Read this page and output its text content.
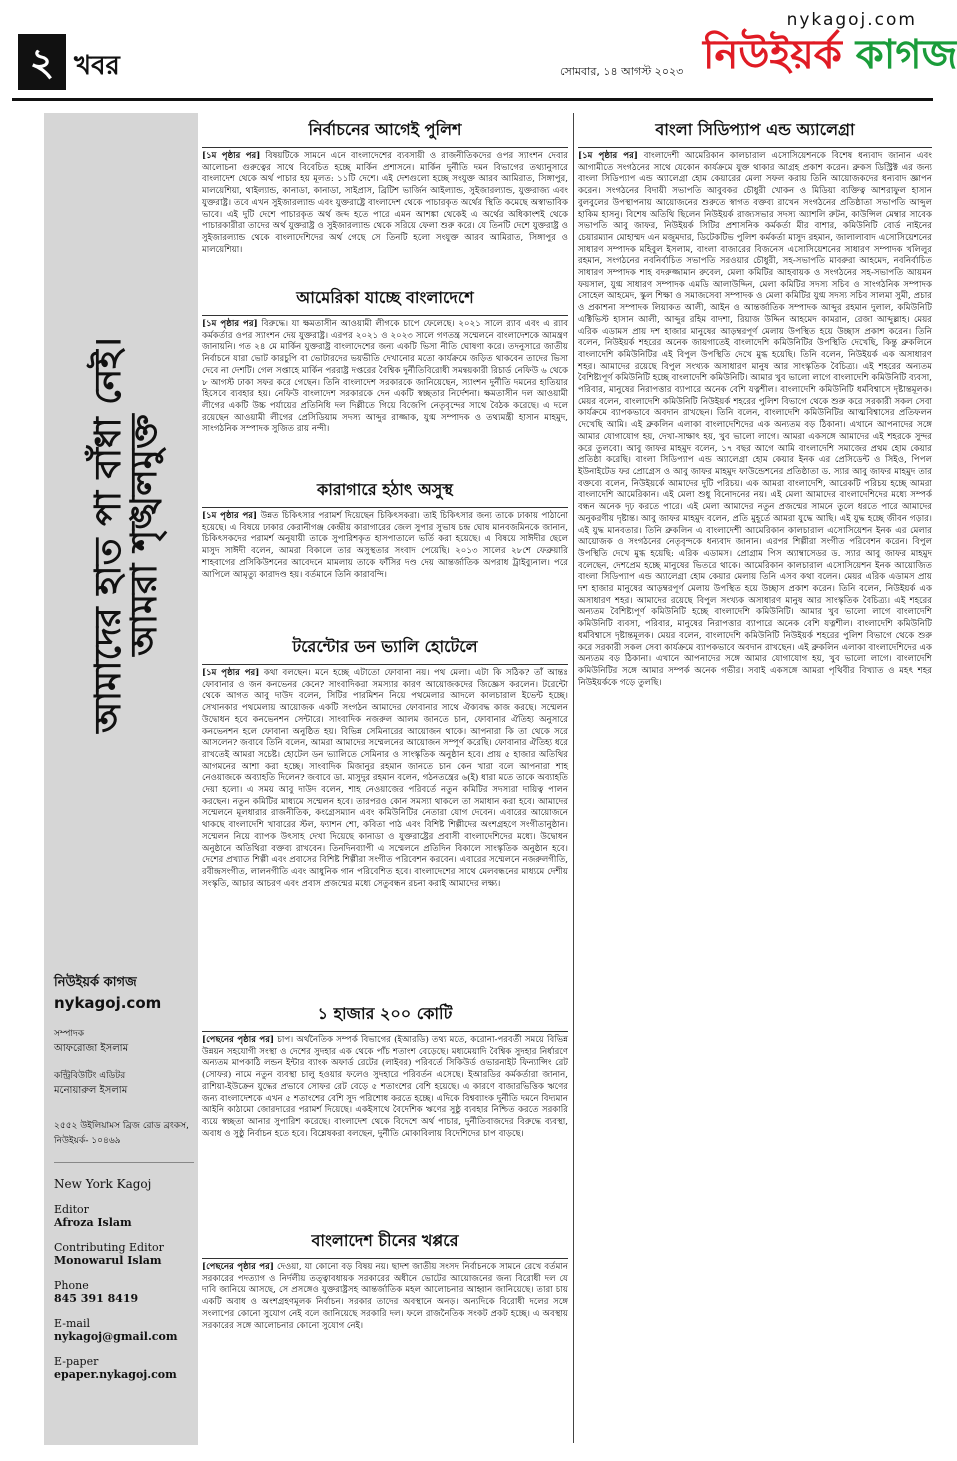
২ খবর	সোমবার, ১৪ আগস্ট ২০২৩
nykagoj.com
নিউইয়র্ক কাগজ
আমাদের হাত পা বাঁধা নেই।
আমরা শৃঙ্খলমুক্ত
নিউইয়র্ক কাগজ
nykagoj.com
সম্পাদক
আফরোজা ইসলাম
কন্ট্রিবিউটিং এডিটর
মনোয়ারুল ইসলাম
২৫৫২ উইলিয়ামস ব্রিজ রোড ব্রংকস, নিউইয়র্ক- ১০৪৬৯
New York Kagoj
Editor
Afroza Islam
Contributing Editor
Monowarul Islam
Phone
845 391 8419
E-mail
nykagoj@gmail.com
E-paper
epaper.nykagoj.com
নির্বাচনের আগেই পুলিশ
[১ম পৃষ্ঠার পর] বিষয়টিকে সামনে এনে বাংলাদেশের ব্যবসায়ী ও রাজনীতিকদের ওপর স্যাংশন দেবার আলোচনা গুরুত্বের সাথে বিবেচিত হচ্ছে মার্কিন প্রশাসনে। মার্কিন দুর্নীতি দমন বিভাগের তথ্যানুসারে বাংলাদেশ থেকে অর্থ পাচার হয় মূলত: ১১টি দেশে। এই দেশগুলো হচ্ছে সংযুক্ত আরব আমিরাত, সিঙ্গাপুর, মালয়েশিয়া, থাইল্যান্ড, কানাডা, কানাডা, সাইপ্রাস, ব্রিটিশ ভার্জিন আইল্যান্ড, সুইজারল্যান্ড, যুক্তরাজ্য এবং যুক্তরাষ্ট্র। তবে এখন সুইজারল্যান্ড এবং যুক্তরাষ্ট্রে বাংলাদেশ থেকে পাচারকৃত অর্থের স্থিতি কমেছে অস্বাভাবিক ভাবে। এই দুটি দেশে পাচারকৃত অর্থ জব্দ হতে পারে এমন আশঙ্কা থেকেই এ অর্থের অধিকাংশই থেকে পাচারকারীরা তাদের অর্থ যুক্তরাষ্ট্র ও সুইজারল্যান্ড থেকে সরিয়ে ফেলা শুরু করে। যে তিনটি দেশে যুক্তরাষ্ট্র ও সুইজারল্যান্ড থেকে বাংলাদেশিদের অর্থ গেছে সে তিনটি হলো সংযুক্ত আরব আমিরাত, সিঙ্গাপুর ও মালয়েশিয়া।
আমেরিকা যাচ্ছে বাংলাদেশে
[১ম পৃষ্ঠার পর] বিরুদ্ধে। যা ক্ষমতাসীন আওয়ামী লীগকে চাপে ফেলেছে। ২০২১ সালে র‌্যাব এবং এ র‌্যাব কর্মকর্তার ওপর স্যাংশন দেয় যুক্তরাষ্ট্র। এরপর ২০২১ ও ২০২৩ সালে গণতন্ত্র সম্মেলনে বাংলাদেশকে আমন্ত্রণ জানায়নি। গত ২৪ মে মার্কিন যুক্তরাষ্ট্র বাংলাদেশের জন্য একটি ভিসা নীতি ঘোষণা করে। তদনুসারে জাতীয় নির্বাচনে যারা ভোট কারচুপি বা ভোটারদের ভয়ভীতি দেখানোর মতো কার্যক্রমে জড়িত থাকবেন তাদের ভিসা দেবে না দেশটি। গেল সপ্তাহে মার্কিন পররাষ্ট্র দপ্তরের বৈশ্বিক দুর্নীতিবিরোধী সমন্বয়কারী রিচার্ড নেফিউ ৬ থেকে ৮ আগস্ট ঢাকা সফর করে গেছেন। তিনি বাংলাদেশ সরকারকে জানিয়েছেন, স্যাংশন দুর্নীতি দমনের হাতিয়ার হিসেবে ব্যবহার হয়। নেফিউ বাংলাদেশ সরকারকে দেন একটি স্বচ্ছতার নির্দেশনা। ক্ষমতাসীন দল আওয়ামী লীগের একটি উচ্চ পর্যায়ের প্রতিনিধি দল দিল্লীতে গিয়ে বিজেপি নেতৃবৃন্দের সাথে বৈঠক করেছে। এ দলে রয়েছেন আওয়ামী লীগের প্রেসিডিয়াম সদস্য আব্দুর রাজ্জাক, যুগ্ম সম্পাদক ও তথ্যমন্ত্রী হাসান মাহমুদ, সাংগঠনিক সম্পাদক সুজিত রায় নন্দী।
কারাগারে হঠাৎ অসুস্থ
[১ম পৃষ্ঠার পর] উন্নত চিকিৎসার পরামর্শ দিয়েছেন চিকিৎসকরা। তাই চিকিৎসার জন্য তাকে ঢাকায় পাঠানো হয়েছে। এ বিষয়ে ঢাকার কেরানীগঞ্জ কেন্দ্রীয় কারাগারের জেল সুপার সুভাষ চন্দ্র ঘোষ মানবজমিনকে জানান, চিকিৎসকদের পরামর্শ অনুযায়ী তাকে সুপারিশকৃত হাসপাতালে ভর্তি করা হয়েছে। এ বিষয়ে সাঈদীর ছেলে মাসুদ সাঈদী বলেন, আমরা বিকালে তার অসুস্থতার সংবাদ পেয়েছি। ২০১৩ সালের ২৮শে ফেব্রুয়ারি শাহবাগের প্রসিকিউশনের আবেদনে মামলায় তাকে ফাঁসির দণ্ড দেয় আন্তর্জাতিক অপরাধ ট্রাইব্যুনাল। পরে আপিলে আমৃত্যু কারাদণ্ড হয়। বর্তমানে তিনি কারাবন্দি।
টরেন্টোর ডন ভ্যালি হোটেলে
[১ম পৃষ্ঠার পর] কথা বলছেন। মনে হচ্ছে এটাতো ফোবানা নয়। পথ মেলা। এটা কি সঠিক? তাঁ আন্তঃ ফোবানার ও জন কনভেনর কেনে? সাংবাদিকরা সমস্যার কারণ আয়োজকদের জিজ্ঞেস করলেন। টরেন্টো থেকে আগত আবু দাউদ বলেন, সিটির পারমিশন নিয়ে পথমেলার আদলে কালচারাল ইভেন্ট হচ্ছে। সেখানকার পথমেলায় আয়োজক একটি সংগঠন আমাদের ফোবানার সাথে ঐক্যবদ্ধ কাজ করছে। সম্মেলন উদ্বোধন হবে কনভেনশন সেন্টারে। সাংবাদিক নজরুল আলম জানতে চান, ফোবানার ঐতিহ্য অনুসারে কনভেনশন হলে ফোবানা অনুষ্ঠিত হয়। বিভিন্ন সেমিনারের আয়োজন থাকে। আপনারা কি তা থেকে সরে আসলেন? জবাবে তিনি বলেন, আমরা আমাদের সম্মেলনের আয়োজন সম্পূর্ণ করেছি। ফোবানার ঐতিহ্য ধরে রাখতেই আমরা সচেষ্ট। হোটেল ডন ভ্যালিতে সেমিনার ও সাংস্কৃতিক অনুষ্ঠান হবে। প্রায় ৫ হাজার অতিথির আগমনের আশা করা হচ্ছে। সাংবাদিক মিজানুর রহমান জানতে চান কেন খারা বলে আপনারা শাহ নেওয়াজকে অব্যাহতি দিলেন? জবাবে ডা. মাসুদুর রহমান বলেন, গঠনতন্ত্রের ৬(ই) ধারা মতে তাকে অব্যাহতি দেয়া হলো। এ সময় আবু দাউদ বলেন, শাহ নেওয়াজের পরিবর্তে নতুন কমিটির সদস্যরা দায়িত্ব পালন করছেন। নতুন কমিটির মাধ্যমে সম্মেলন হবে। তারপরও কোন সমস্যা থাকলে তা সমাধান করা হবে। আমাদের সম্মেলনে মূলধারার রাজনীতিক, কংগ্রেসম্যান এবং কমিউনিটির নেতারা যোগ দেবেন। এবারের আয়োজনে থাকছে বাংলাদেশি খাবারের স্টল, ফ্যাশন শো, কবিতা পাঠ এবং বিশিষ্ট শিল্পীদের অংশগ্রহণে সংগীতানুষ্ঠান। সম্মেলন নিয়ে ব্যাপক উৎসাহ দেখা দিয়েছে কানাডা ও যুক্তরাষ্ট্রের প্রবাসী বাংলাদেশিদের মধ্যে। উদ্বোধন অনুষ্ঠানে অতিথিরা বক্তব্য রাখবেন। তিনদিনব্যাপী এ সম্মেলনে প্রতিদিন বিকালে সাংস্কৃতিক অনুষ্ঠান হবে। দেশের প্রখ্যাত শিল্পী এবং প্রবাসের বিশিষ্ট শিল্পীরা সংগীত পরিবেশন করবেন। এবারের সম্মেলনে নজরুলগীতি, রবীন্দ্রসংগীত, লালনগীতি এবং আধুনিক গান পরিবেশিত হবে। বাংলাদেশের সাথে মেলবন্ধনের মাধ্যমে দেশীয় সংস্কৃতি, আচার আচরণ এবং প্রবাস প্রজন্মের মধ্যে সেতুবন্ধন রচনা করাই আমাদের লক্ষ্য।
১ হাজার ২০০ কোটি
[পেছনের পৃষ্ঠার পর] চাপ। অর্থনৈতিক সম্পর্ক বিভাগের (ইআরডি) তথ্য মতে, করোনা-পরবর্তী সময়ে বিভিন্ন উন্নয়ন সহযোগী সংস্থা ও দেশের সুদহার এক থেকে পাঁচ শতাংশ বেড়েছে। মধ্যমেয়াদি বৈশ্বিক সুদহার নির্ধারণে অন্যতম মাপকাঠি লন্ডন ইন্টার ব্যাংক অফার্ড রেটের (লাইবর) পরিবর্তে সিকিউর্ড ওভারনাইট ফিন্যান্সিং রেট (সোফর) নামে নতুন ব্যবস্থা চালু হওয়ার ফলেও সুদহারে পরিবর্তন এসেছে। ইআরডির কর্মকর্তারা জানান, রাশিয়া-ইউক্রেন যুদ্ধের প্রভাবে সোফর রেট বেড়ে ৫ শতাংশের বেশি হয়েছে। এ কারণে বাজারভিত্তিক ঋণের জন্য বাংলাদেশকে এখন ৫ শতাংশের বেশি সুদ পরিশোধ করতে হচ্ছে। এদিকে বিশ্বব্যাংক দুর্নীতি দমনে বিদ্যমান আইনি কাঠামো জোরদারের পরামর্শ দিয়েছে। একইসাথে বৈদেশিক ঋণের সুষ্ঠু ব্যবহার নিশ্চিত করতে সরকারি ব্যয়ে স্বচ্ছতা আনার সুপারিশ করেছে। বাংলাদেশ থেকে বিদেশে অর্থ পাচার, দুর্নীতিবাজদের বিরুদ্ধে ব্যবস্থা, অবাধ ও সুষ্ঠু নির্বাচন হতে হবে। বিশ্লেষকরা বলছেন, দুর্নীতি মোকাবিলায় বিদেশিদের চাপ বাড়ছে।
বাংলাদেশ চীনের খপ্পরে
[পেছনের পৃষ্ঠার পর] দেওয়া, যা কোনো বড় বিষয় নয়। ছাদশ জাতীয় সংসদ নির্বাচনকে সামনে রেখে বর্তমান সরকারের পদত্যাগ ও নির্দলীয় তত্ত্বাবধায়ক সরকারের অধীনে ভোটের আয়োজনের জন্য বিরোধী দল যে দাবি জানিয়ে আসছে, সে প্রসঙ্গেও যুক্তরাষ্ট্রসহ আন্তর্জাতিক মহল আলোচনার আহ্বান জানিয়েছে। তারা চায় একটি অবাধ ও অংশগ্রহণমূলক নির্বাচন। সরকার তাদের অবস্থানে অনড়। অন্যদিকে বিরোধী দলের সঙ্গে সংলাপের কোনো সুযোগ নেই বলে জানিয়েছে সরকারি দল। ফলে রাজনৈতিক সংকট প্রকট হচ্ছে। এ অবস্থায় সরকারের সঙ্গে আলোচনার কোনো সুযোগ নেই।
বাংলা সিডিপ্যাপ এন্ড অ্যালেগ্রা
[১ম পৃষ্ঠার পর] বাংলাদেশী আমেরিকান কালচারাল এসোসিয়েশনকে বিশেষ ধন্যবাদ জানান এবং আগামীতে সংগঠনের সাথে যেকোন কার্যক্রমে যুক্ত থাকার আগ্রহ প্রকাশ করেন। ব্রুকস ডিস্ট্রিক্ট এর জন্য বাংলা সিডিপ্যাপ এন্ড অ্যালেগ্রা হোম কেয়ারের মেলা সফল করায় তিনি আয়োজকদের ধন্যবাদ জ্ঞাপন করেন। সংগঠনের বিদায়ী সভাপতি আবুবকর চৌধুরী খোকন ও মিডিয়া ব্যক্তিত্ব আশরাফুল হাসান বুলবুলের উপস্থাপনায় আয়োজনের শুরুতে স্বাগত বক্তব্য রাখেন সংগঠনের প্রতিষ্ঠাতা সভাপতি আব্দুল হাকিম হাসনু। বিশেষ অতিথি ছিলেন নিউইয়র্ক রাজ্যসভার সদস্য অ্যাশলি রুটন, কাউন্সিল মেম্বার সাবেক সভাপতি আবু জাফর, নিউইয়র্ক সিটির প্রশাসনিক কর্মকর্তা মীর বাশার, কমিউনিটি বোর্ড নাইনের চেয়ারম্যান মোহাম্মদ এন মজুমদার, ডিটেকটিভ পুলিশ কর্মকর্তা মাসুদ রহমান, জালালাবাদ এসোসিয়েশনের সাধারণ সম্পাদক মহিবুল ইসলাম, বাংলা বাজারের বিজনেস এসোসিয়েশনের সাধারণ সম্পাদক খলিলুর রহমান, সংগঠনের নবনির্বাচিত সভাপতি সরওয়ার চৌধুরী, সহ-সভাপতি মাবরুরা আহমেদ, নবনির্বাচিত সাধারণ সম্পাদক শাহ বদরুজ্জামান রুবেল, মেলা কমিটির আহবায়ক ও সংগঠনের সহ-সভাপতি আয়মন ফয়সাল, যুগ্ম সাধারণ সম্পাদক এমডি আলাউদ্দিন, মেলা কমিটির সদস্য সচিব ও সাংগঠনিক সম্পাদক সোহেল আহমেদ, স্কুল শিক্ষা ও সমাজসেবা সম্পাদক ও মেলা কমিটির যুগ্ম সদস্য সচিব সালমা সুমী, প্রচার ও প্রকাশনা সম্পাদক লিয়াকত আলী, আইন ও আন্তর্জাতিক সম্পাদক আব্দুর রহমান দুলাল, কমিউনিটি এক্টিভিস্ট হাসান আলী, আব্দুর রহিম বাদশা, রিয়াজ উদ্দিন আহমেদ কামরান, রেজা আব্দুল্লাহ। মেয়র এরিক এডামস প্রায় দশ হাজার মানুষের আড়ম্বরপূর্ণ মেলায় উপস্থিত হয়ে উচ্ছাস প্রকাশ করেন। তিনি বলেন, নিউইয়র্ক শহরের অনেক জায়গাতেই বাংলাদেশি কমিউনিটির উপস্থিতি দেখেছি, কিন্তু ব্রুকলিনে বাংলাদেশি কমিউনিটির এই বিপুল উপস্থিতি দেখে মুগ্ধ হয়েছি। তিনি বলেন, নিউইয়র্ক এক অসাধারণ শহর। আমাদের রয়েছে বিপুল সংখ্যক অসাধারণ মানুষ আর সাংস্কৃতিক বৈচিত্র্য। এই শহরের অন্যতম বৈশিষ্ট্যপূর্ণ কমিউনিটি হচ্ছে বাংলাদেশি কমিউনিটি। আমার খুব ভালো লাগে বাংলাদেশি কমিউনিটি ব্যবসা, পরিবার, মানুষের নিরাপত্তার ব্যাপারে অনেক বেশি যত্নশীল। বাংলাদেশি কমিউনিটি ধর্মবিশ্বাসে দৃষ্টান্তমূলক। মেয়র বলেন, বাংলাদেশি কমিউনিটি নিউইয়র্ক শহরের পুলিশ বিভাগে থেকে শুরু করে সরকারী সকল সেবা কার্যক্রমে ব্যাপকভাবে অবদান রাখছেন। তিনি বলেন, বাংলাদেশি কমিউনিটির আত্মবিশ্বাসের প্রতিফলন দেখেছি আমি। এই ব্রুকলিন এলাকা বাংলাদেশিদের এক অন্যতম বড় ঠিকানা। এখানে আপনাদের সঙ্গে আমার যোগাযোগ হয়, দেখা-সাক্ষাৎ হয়, খুব ভালো লাগে। আমরা একসঙ্গে আমাদের এই শহরকে সুন্দর করে তুলবো। আবু জাফর মাহমুদ বলেন, ১৭ বছর আগে আমি বাংলাদেশি সমাজের প্রথম হোম কেয়ার প্রতিষ্ঠা করেছি। বাংলা সিডিপ্যাপ এন্ড অ্যালেগ্রা হোম কেয়ার ইনক এর প্রেসিডেন্ট ও সিইও, পিপল ইউনাইটেড ফর প্রোগ্রেস ও আবু জাফর মাহমুদ ফাউন্ডেশনের প্রতিষ্ঠাতা ড. স্যার আবু জাফর মাহমুদ তার বক্তব্যে বলেন, নিউইয়র্কে আমাদের দুটি পরিচয়। এক আমরা বাংলাদেশি, আরেকটি পরিচয় হচ্ছে আমরা বাংলাদেশি আমেরিকান। এই মেলা শুধু বিনোদনের নয়। এই মেলা আমাদের বাংলাদেশিদের মধ্যে সম্পর্ক বন্ধন অনেক দৃঢ় করতে পারে। এই মেলা আমাদের নতুন প্রজন্মের সামনে তুলে ধরতে পারে আমাদের অনুকরণীয় দৃষ্টান্ত। আবু জাফর মাহমুদ বলেন, প্রতি মুহূর্তে আমরা যুদ্ধে আছি। এই যুদ্ধ হচ্ছে জীবন গড়ার। এই যুদ্ধ মানবতার। তিনি ব্রুকলিন এ বাংলাদেশী আমেরিকান কালচারাল এসোসিয়েশন ইনক এর মেলার আয়োজক ও সংগঠনের নেতৃবৃন্দকে ধন্যবাদ জানান। এরপর শিল্পীরা সংগীত পরিবেশন করেন। বিপুল উপস্থিতি দেখে মুগ্ধ হয়েছি: এরিক এডামস। প্রোগ্রাম পিস অ্যাম্বাসেডর ড. স্যার আবু জাফর মাহমুদ বলেছেন, দেশপ্রেম হচ্ছে মানুষের ভিতরে থাকে। আমেরিকান কালচারাল এসোসিয়েশন ইনক আয়োজিত বাংলা সিডিপ্যাপ এন্ড অ্যালেগ্রা হোম কেয়ার মেলায় তিনি এসব কথা বলেন। মেয়র এরিক এডামস প্রায় দশ হাজার মানুষের আড়ম্বরপূর্ণ মেলায় উপস্থিত হয়ে উচ্ছাস প্রকাশ করেন। তিনি বলেন, নিউইয়র্ক এক অসাধারণ শহর। আমাদের রয়েছে বিপুল সংখ্যক অসাধারণ মানুষ আর সাংস্কৃতিক বৈচিত্র্য। এই শহরের অন্যতম বৈশিষ্ট্যপূর্ণ কমিউনিটি হচ্ছে বাংলাদেশি কমিউনিটি। আমার খুব ভালো লাগে বাংলাদেশি কমিউনিটি ব্যবসা, পরিবার, মানুষের নিরাপত্তার ব্যাপারে অনেক বেশি যত্নশীল। বাংলাদেশি কমিউনিটি ধর্মবিশ্বাসে দৃষ্টান্তমূলক। মেয়র বলেন, বাংলাদেশি কমিউনিটি নিউইয়র্ক শহরের পুলিশ বিভাগে থেকে শুরু করে সরকারী সকল সেবা কার্যক্রমে ব্যাপকভাবে অবদান রাখছেন। এই ব্রুকলিন এলাকা বাংলাদেশিদের এক অন্যতম বড় ঠিকানা। এখানে আপনাদের সঙ্গে আমার যোগাযোগ হয়, খুব ভালো লাগে। বাংলাদেশি কমিউনিটির সঙ্গে আমার সম্পর্ক অনেক গভীর। সবাই একসঙ্গে আমরা পৃথিবীর বিখ্যাত ও মহৎ শহর নিউইয়র্ককে গড়ে তুলছি।
